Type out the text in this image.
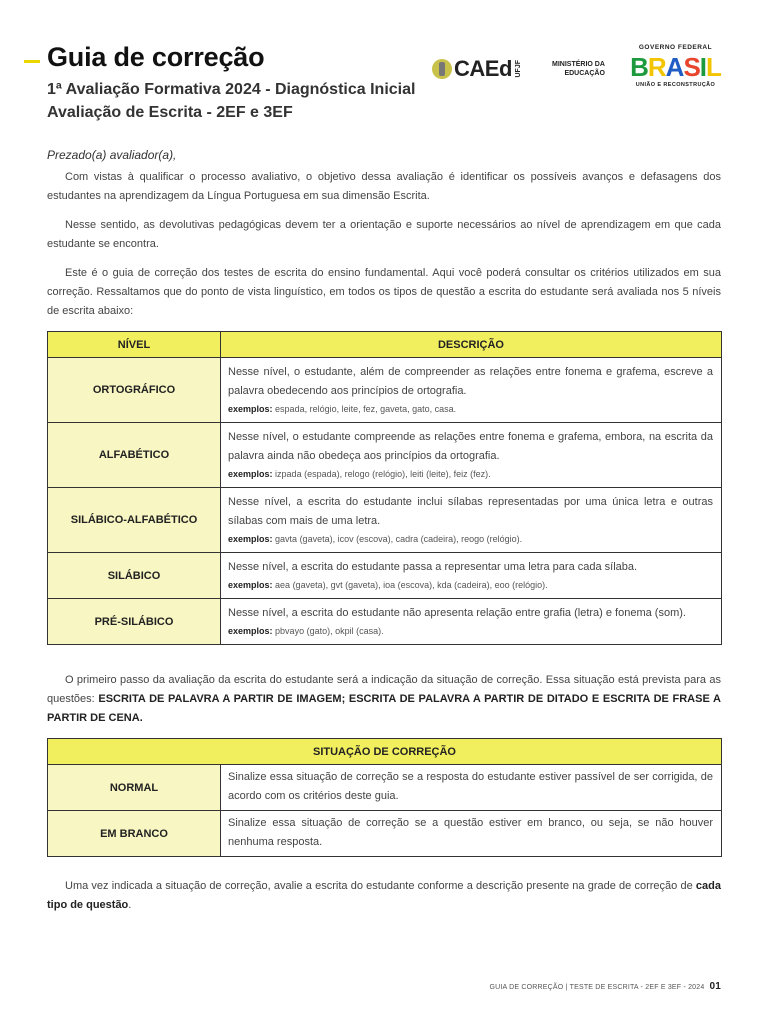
Guia de correção

1ª Avaliação Formativa 2024 - Diagnóstica Inicial

Avaliação de Escrita - 2EF e 3EF

CAEd UFJF	MINISTÉRIO DA
EDUCAÇÃO
GOVERNO FEDERAL
B R A S I L
UNIÃO E RECONSTRUÇÃO

Prezado(a) avaliador(a),

Com vistas à qualificar o processo avaliativo, o objetivo dessa avaliação é identificar os possíveis avanços e defasagens dos estudantes na aprendizagem da Língua Portuguesa em sua dimensão Escrita.

Nesse sentido, as devolutivas pedagógicas devem ter a orientação e suporte necessários ao nível de aprendizagem em que cada estudante se encontra.

Este é o guia de correção dos testes de escrita do ensino fundamental. Aqui você poderá consultar os critérios utilizados em sua correção. Ressaltamos que do ponto de vista linguístico, em todos os tipos de questão a escrita do estudante será avaliada nos 5 níveis de escrita abaixo:

NÍVEL	DESCRIÇÃO
ORTOGRÁFICO	Nesse nível, o estudante, além de compreender as relações entre fonema e grafema, escreve a palavra obedecendo aos princípios de ortografia.
exemplos: espada, relógio, leite, fez, gaveta, gato, casa.

ALFABÉTICO	Nesse nível, o estudante compreende as relações entre fonema e grafema, embora, na escrita da palavra ainda não obedeça aos princípios da ortografia.
exemplos: izpada (espada), relogo (relógio), leiti (leite), feiz (fez).

SILÁBICO-ALFABÉTICO	Nesse nível, a escrita do estudante inclui sílabas representadas por uma única letra e outras sílabas com mais de uma letra.
exemplos: gavta (gaveta), icov (escova), cadra (cadeira), reogo (relógio).

SILÁBICO	Nesse nível, a escrita do estudante passa a representar uma letra para cada sílaba.
exemplos: aea (gaveta), gvt (gaveta), ioa (escova), kda (cadeira), eoo (relógio).

PRÉ-SILÁBICO	Nesse nível, a escrita do estudante não apresenta relação entre grafia (letra) e fonema (som).
exemplos: pbvayo (gato), okpil (casa).

O primeiro passo da avaliação da escrita do estudante será a indicação da situação de correção. Essa situação está prevista para as questões: ESCRITA DE PALAVRA A PARTIR DE IMAGEM; ESCRITA DE PALAVRA A PARTIR DE DITADO E ESCRITA DE FRASE A PARTIR DE CENA.

SITUAÇÃO DE CORREÇÃO	
NORMAL	Sinalize essa situação de correção se a resposta do estudante estiver passível de ser corrigida, de acordo com os critérios deste guia.
EM BRANCO	Sinalize essa situação de correção se a questão estiver em branco, ou seja, se não houver nenhuma resposta.

Uma vez indicada a situação de correção, avalie a escrita do estudante conforme a descrição presente na grade de correção de cada tipo de questão.

GUIA DE CORREÇÃO | TESTE DE ESCRITA - 2EF E 3EF - 2024 01
